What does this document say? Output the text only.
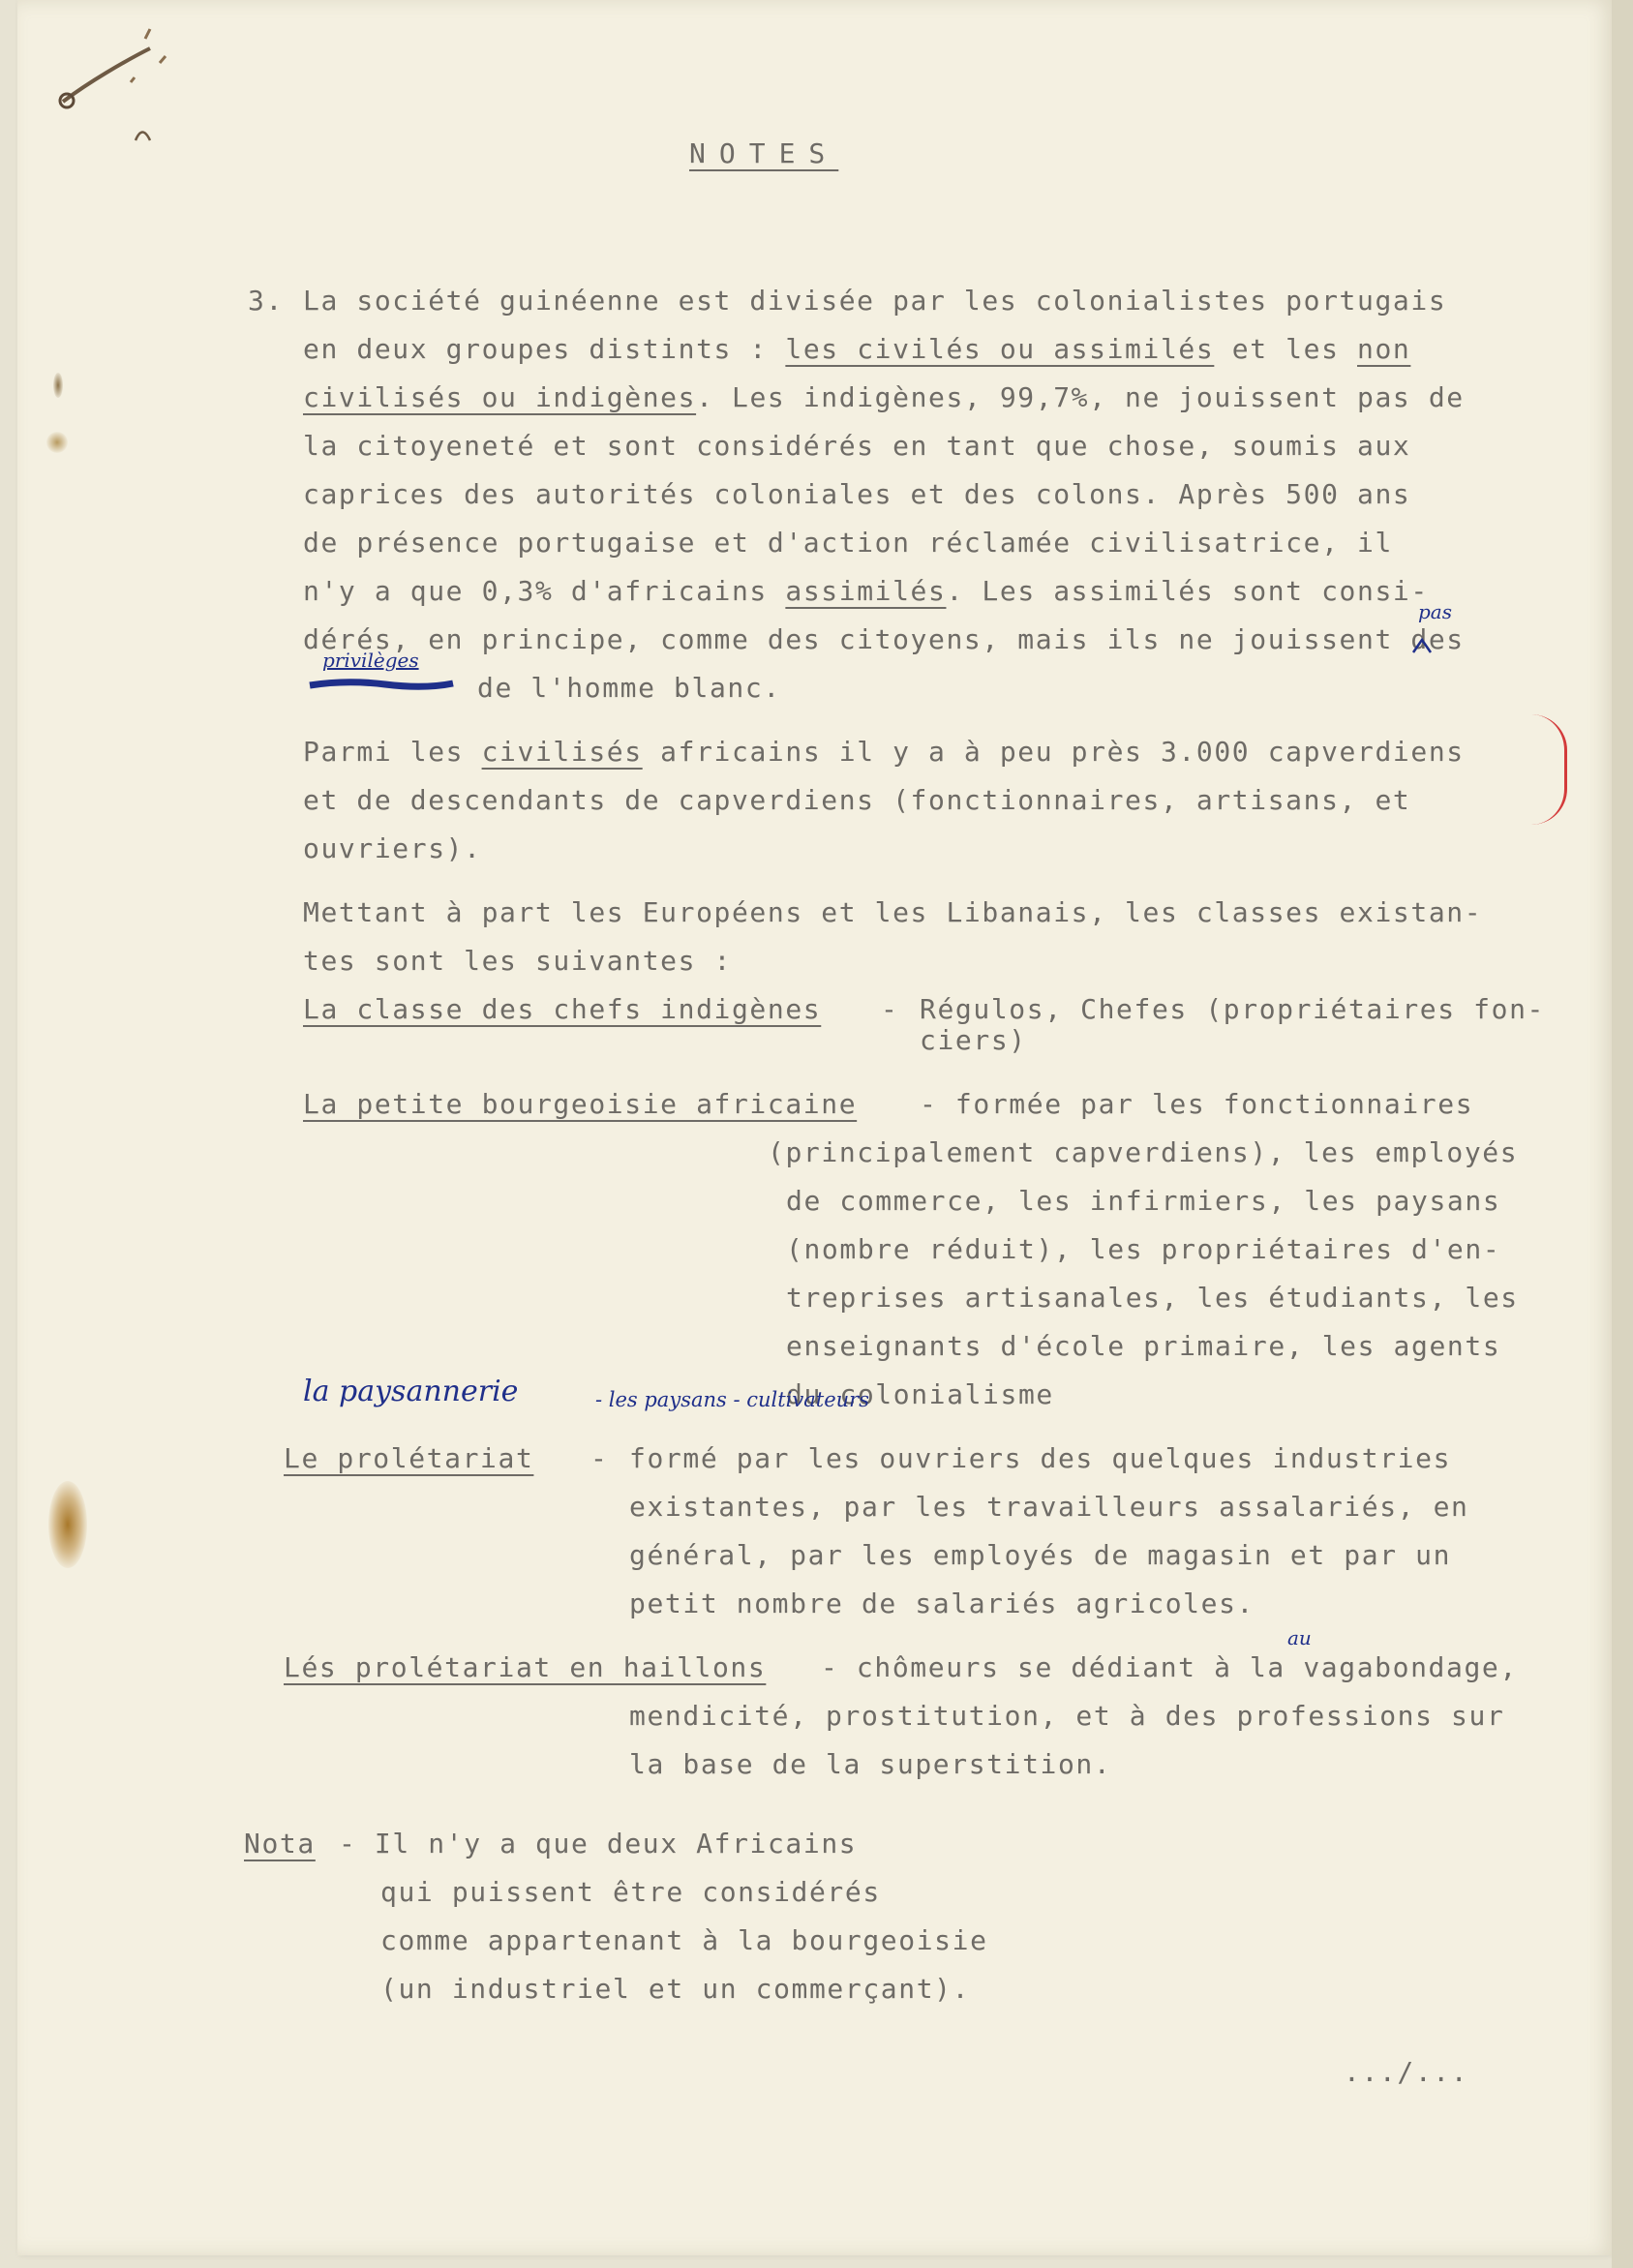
NOTES
3. La société guinéenne est divisée par les colonialistes portugais
en deux groupes distints : les civilés ou assimilés et les non
civilisés ou indigènes. Les indigènes, 99,7%, ne jouissent pas de
la citoyeneté et sont considérés en tant que chose, soumis aux
caprices des autorités coloniales et des colons. Après 500 ans
de présence portugaise et d'action réclamée civilisatrice, il
n'y a que 0,3% d'africains assimilés. Les assimilés sont consi-
dérés, en principe, comme des citoyens, mais ils ne jouissent des
pas
privilèges
de l'homme blanc.
Parmi les civilisés africains il y a à peu près 3.000 capverdiens
et de descendants de capverdiens (fonctionnaires, artisans, et
ouvriers).
Mettant à part les Européens et les Libanais, les classes existan-
tes sont les suivantes :
La classe des chefs indigènes - Régulos, Chefes (propriétaires fon-
ciers)
La petite bourgeoisie africaine - formée par les fonctionnaires
(principalement capverdiens), les employés
de commerce, les infirmiers, les paysans
(nombre réduit), les propriétaires d'en-
treprises artisanales, les étudiants, les
enseignants d'école primaire, les agents
du colonialisme
la paysannerie	- les paysans - cultivateurs
Le prolétariat - formé par les ouvriers des quelques industries
existantes, par les travailleurs assalariés, en
général, par les employés de magasin et par un
petit nombre de salariés agricoles.
Lés prolétariat en haillons - chômeurs se dédiant à la vagabondage,
au
mendicité, prostitution, et à des professions sur
la base de la superstition.
Nota - Il n'y a que deux Africains
qui puissent être considérés
comme appartenant à la bourgeoisie
(un industriel et un commerçant).
.../...
